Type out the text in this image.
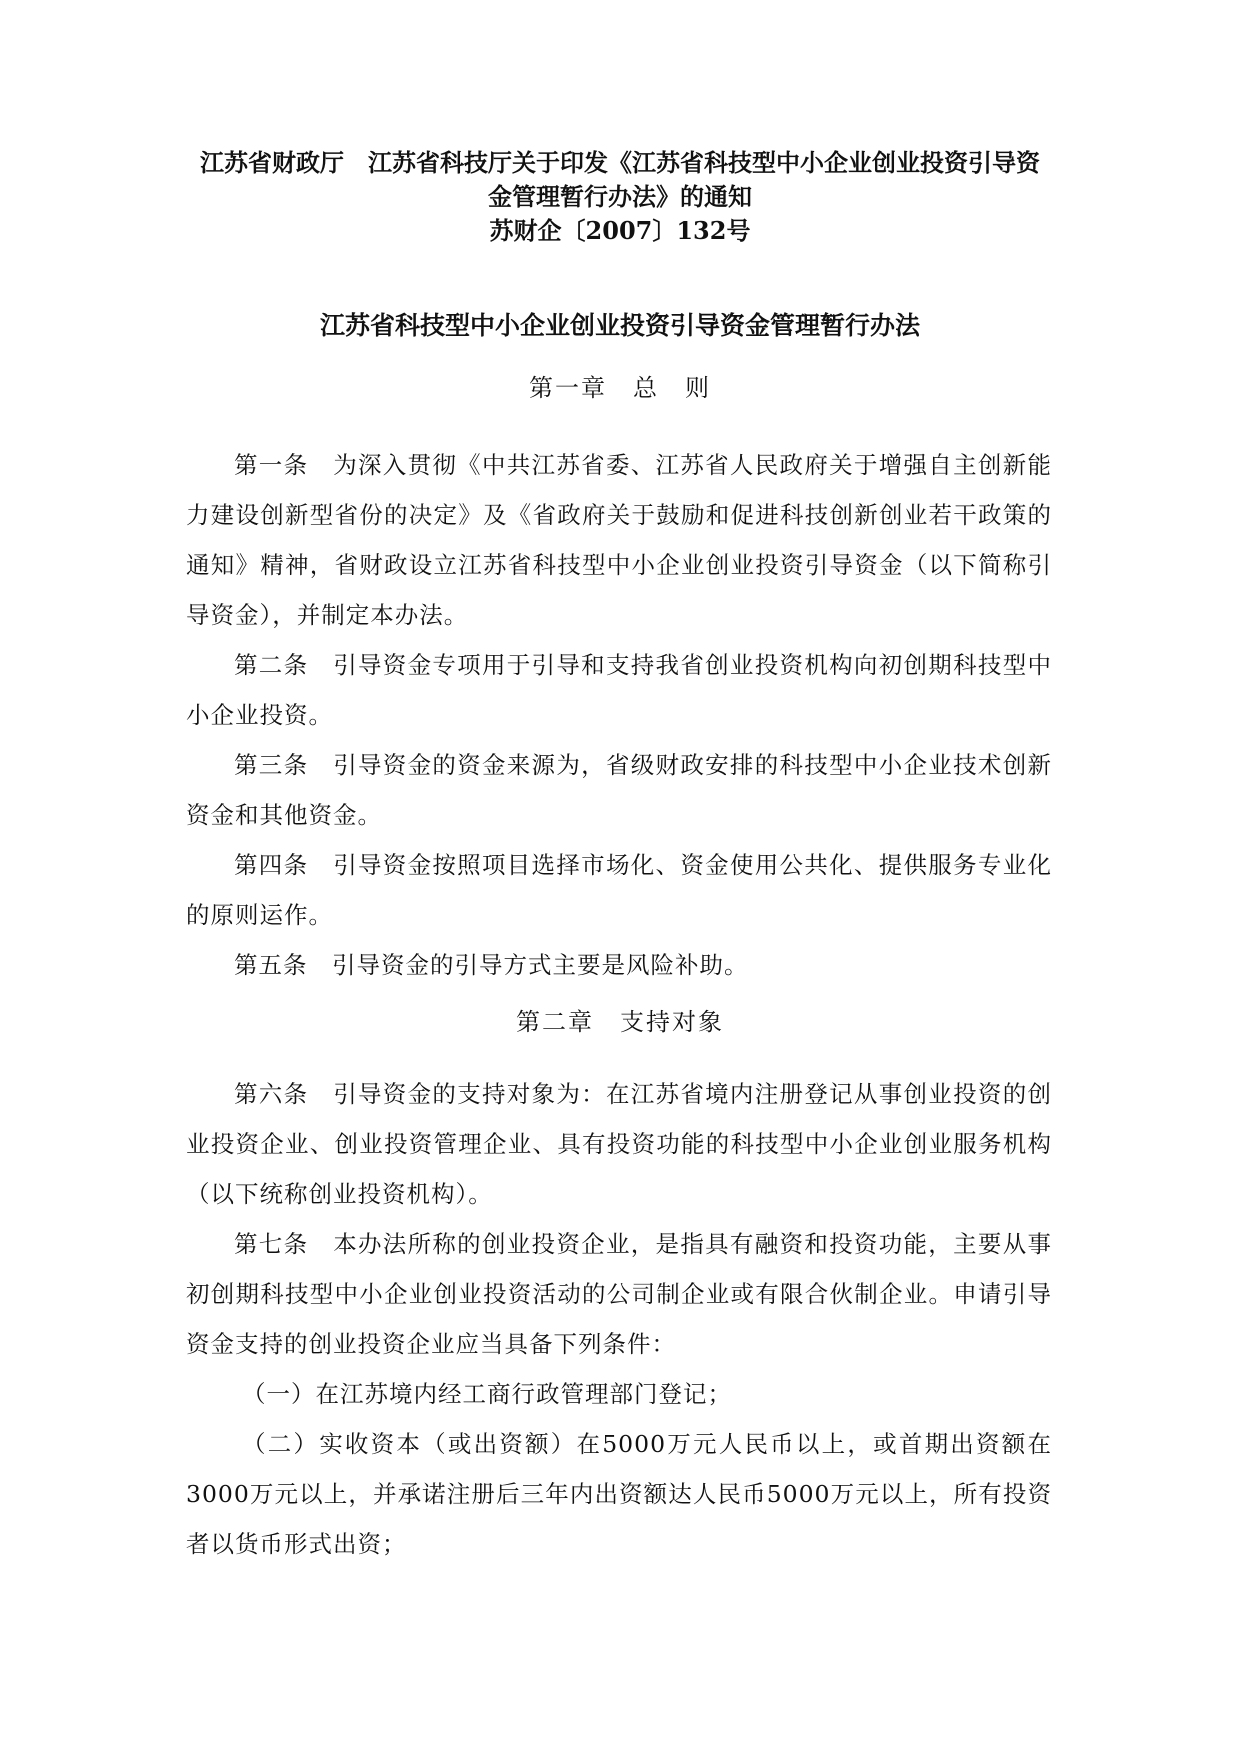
江苏省财政厅　江苏省科技厅关于印发《江苏省科技型中小企业创业投资引导资
金管理暂行办法》的通知
苏财企〔2007〕132号
江苏省科技型中小企业创业投资引导资金管理暂行办法
第一章　总　则

第一条　 为深入贯彻《中共江苏省委、江苏省人民政府关于增强自主创新能力建设创新型省份的决定》及《省政府关于鼓励和促进科技创新创业若干政策的通知》精神，省财政设立江苏省科技型中小企业创业投资引导资金（以下简称引导资金），并制定本办法。

第二条　 引导资金专项用于引导和支持我省创业投资机构向初创期科技型中小企业投资。

第三条　 引导资金的资金来源为，省级财政安排的科技型中小企业技术创新资金和其他资金。

第四条　 引导资金按照项目选择市场化、资金使用公共化、提供服务专业化的原则运作。

第五条　 引导资金的引导方式主要是风险补助。

第二章　支持对象

第六条　 引导资金的支持对象为：在江苏省境内注册登记从事创业投资的创业投资企业、创业投资管理企业、具有投资功能的科技型中小企业创业服务机构（以下统称创业投资机构）。

第七条　 本办法所称的创业投资企业，是指具有融资和投资功能，主要从事初创期科技型中小企业创业投资活动的公司制企业或有限合伙制企业。申请引导资金支持的创业投资企业应当具备下列条件：

（一）在江苏境内经工商行政管理部门登记；

（二）实收资本（或出资额）在5000万元人民币以上，或首期出资额在3000万元以上，并承诺注册后三年内出资额达人民币5000万元以上，所有投资者以货币形式出资；
